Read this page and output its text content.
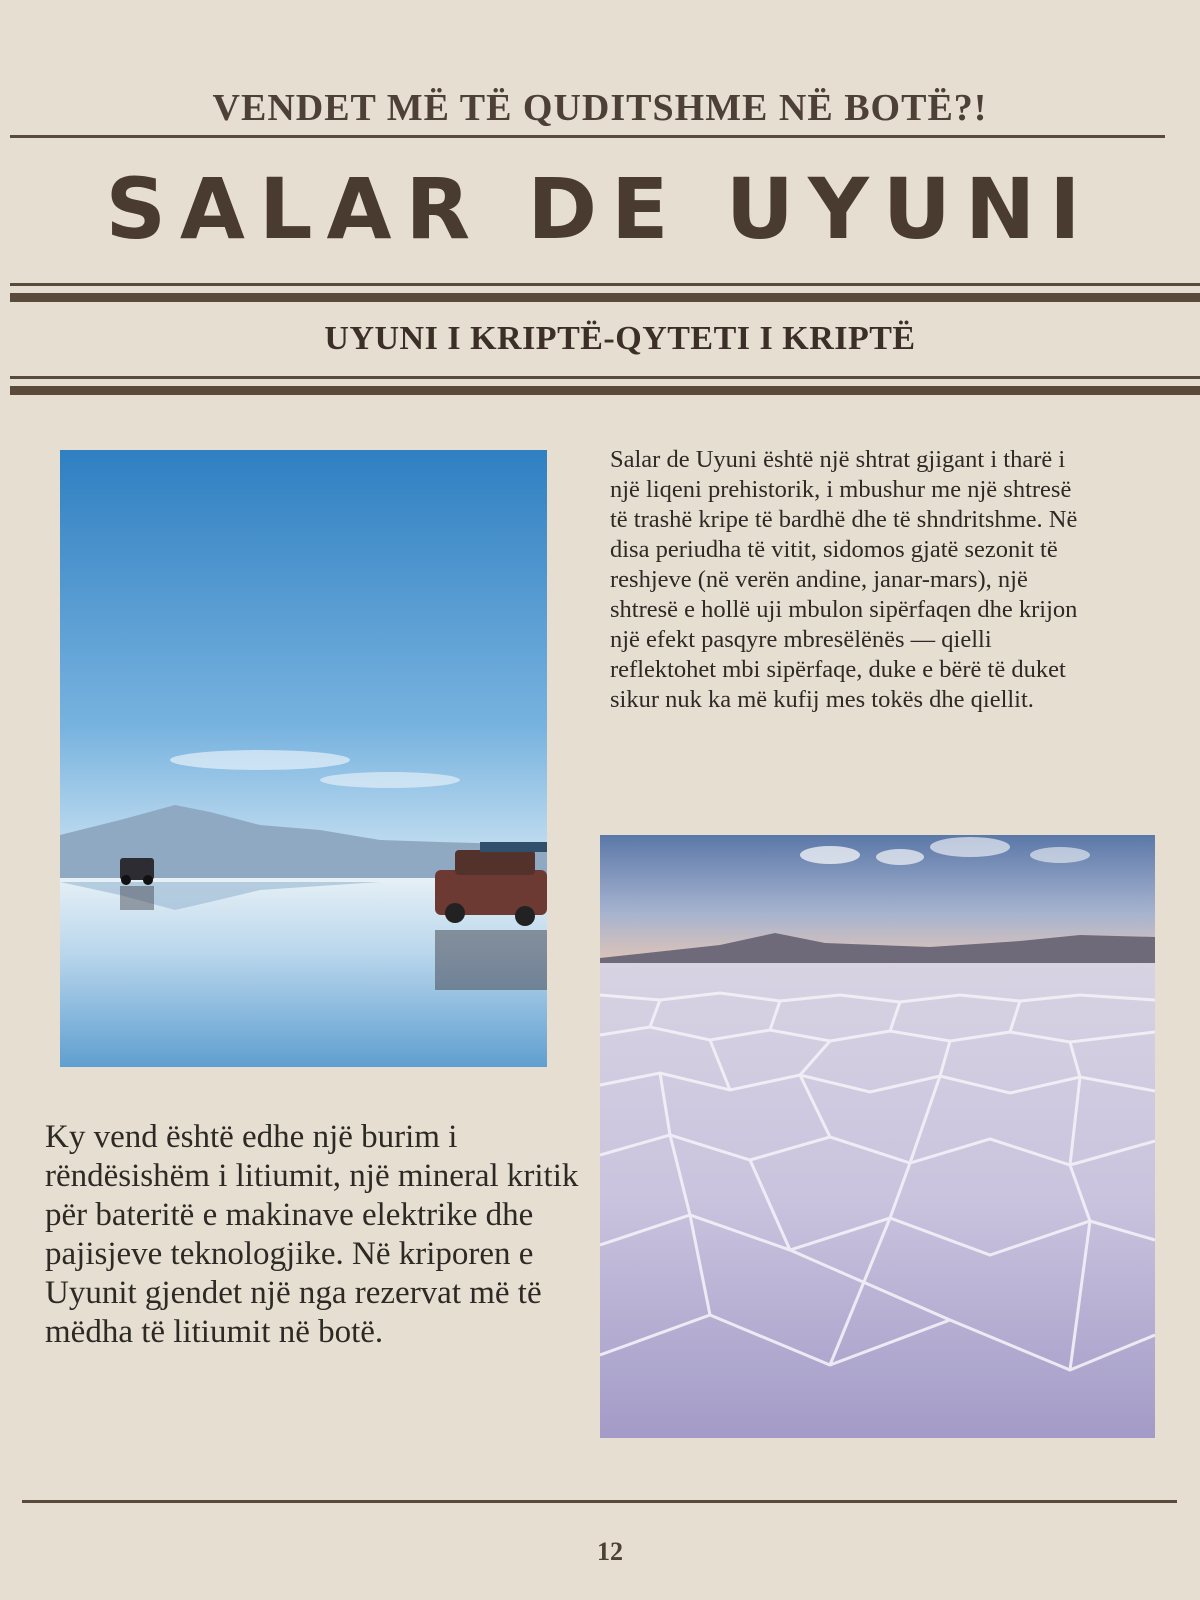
VENDET MË TË QUDITSHME NË BOTË?!
SALAR DE UYUNI
UYUNI I KRIPTË-QYTETI I KRIPTË
Salar de Uyuni është një shtrat gjigant i tharë i një liqeni prehistorik, i mbushur me një shtresë të trashë kripe të bardhë dhe të shndritshme. Në disa periudha të vitit, sidomos gjatë sezonit të reshjeve (në verën andine, janar-mars), një shtresë e hollë uji mbulon sipërfaqen dhe krijon një efekt pasqyre mbresëlënës — qielli reflektohet mbi sipërfaqe, duke e bërë të duket sikur nuk ka më kufij mes tokës dhe qiellit.
Ky vend është edhe një burim i rëndësishëm i litiumit, një mineral kritik për bateritë e makinave elektrike dhe pajisjeve teknologjike. Në kriporen e Uyunit gjendet një nga rezervat më të mëdha të litiumit në botë.
12
